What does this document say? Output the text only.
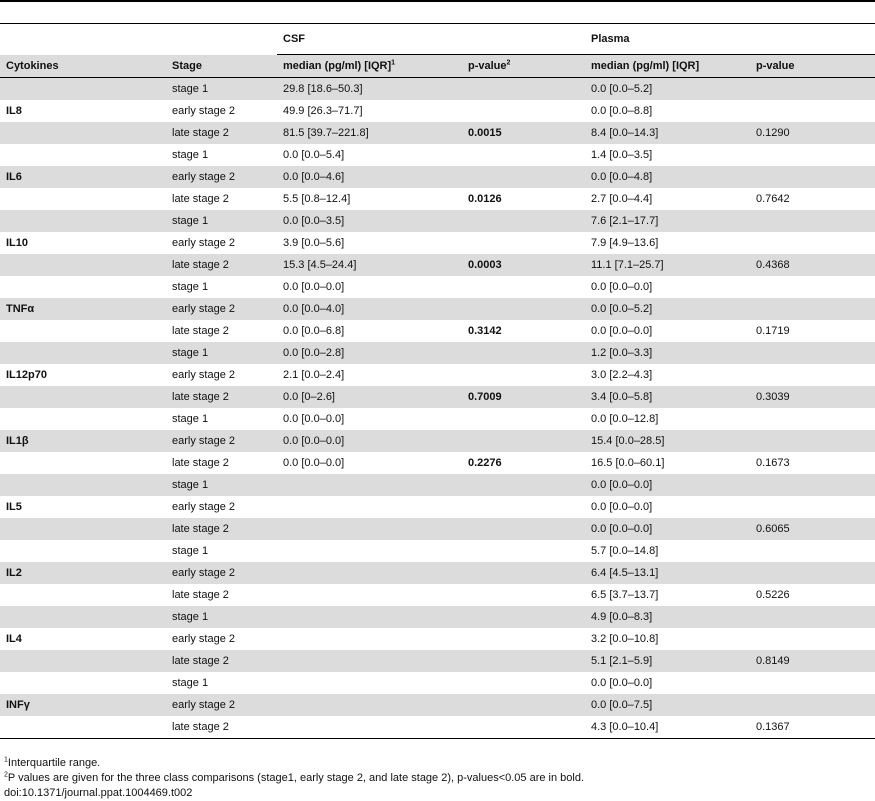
		CSF		Plasma	
Cytokines	Stage	median (pg/ml) [IQR]$^1$	p-value$^2$	median (pg/ml) [IQR]	p-value
	stage 1	29.8 [18.6–50.3]		0.0 [0.0–5.2]	
IL8	early stage 2	49.9 [26.3–71.7]		0.0 [0.0–8.8]	
	late stage 2	81.5 [39.7–221.8]	0.0015	8.4 [0.0–14.3]	0.1290
	stage 1	0.0 [0.0–5.4]		1.4 [0.0–3.5]	
IL6	early stage 2	0.0 [0.0–4.6]		0.0 [0.0–4.8]	
	late stage 2	5.5 [0.8–12.4]	0.0126	2.7 [0.0–4.4]	0.7642
	stage 1	0.0 [0.0–3.5]		7.6 [2.1–17.7]	
IL10	early stage 2	3.9 [0.0–5.6]		7.9 [4.9–13.6]	
	late stage 2	15.3 [4.5–24.4]	0.0003	11.1 [7.1–25.7]	0.4368
	stage 1	0.0 [0.0–0.0]		0.0 [0.0–0.0]	
TNFα	early stage 2	0.0 [0.0–4.0]		0.0 [0.0–5.2]	
	late stage 2	0.0 [0.0–6.8]	0.3142	0.0 [0.0–0.0]	0.1719
	stage 1	0.0 [0.0–2.8]		1.2 [0.0–3.3]	
IL12p70	early stage 2	2.1 [0.0–2.4]		3.0 [2.2–4.3]	
	late stage 2	0.0 [0–2.6]	0.7009	3.4 [0.0–5.8]	0.3039
	stage 1	0.0 [0.0–0.0]		0.0 [0.0–12.8]	
IL1β	early stage 2	0.0 [0.0–0.0]		15.4 [0.0–28.5]	
	late stage 2	0.0 [0.0–0.0]	0.2276	16.5 [0.0–60.1]	0.1673
	stage 1			0.0 [0.0–0.0]	
IL5	early stage 2			0.0 [0.0–0.0]	
	late stage 2			0.0 [0.0–0.0]	0.6065
	stage 1			5.7 [0.0–14.8]	
IL2	early stage 2			6.4 [4.5–13.1]	
	late stage 2			6.5 [3.7–13.7]	0.5226
	stage 1			4.9 [0.0–8.3]	
IL4	early stage 2			3.2 [0.0–10.8]	
	late stage 2			5.1 [2.1–5.9]	0.8149
	stage 1			0.0 [0.0–0.0]	
INFγ	early stage 2			0.0 [0.0–7.5]	
	late stage 2			4.3 [0.0–10.4]	0.1367
$^1$Interquartile range.
$^2$P values are given for the three class comparisons (stage1, early stage 2, and late stage 2), p-values<0.05 are in bold.
doi:10.1371/journal.ppat.1004469.t002
